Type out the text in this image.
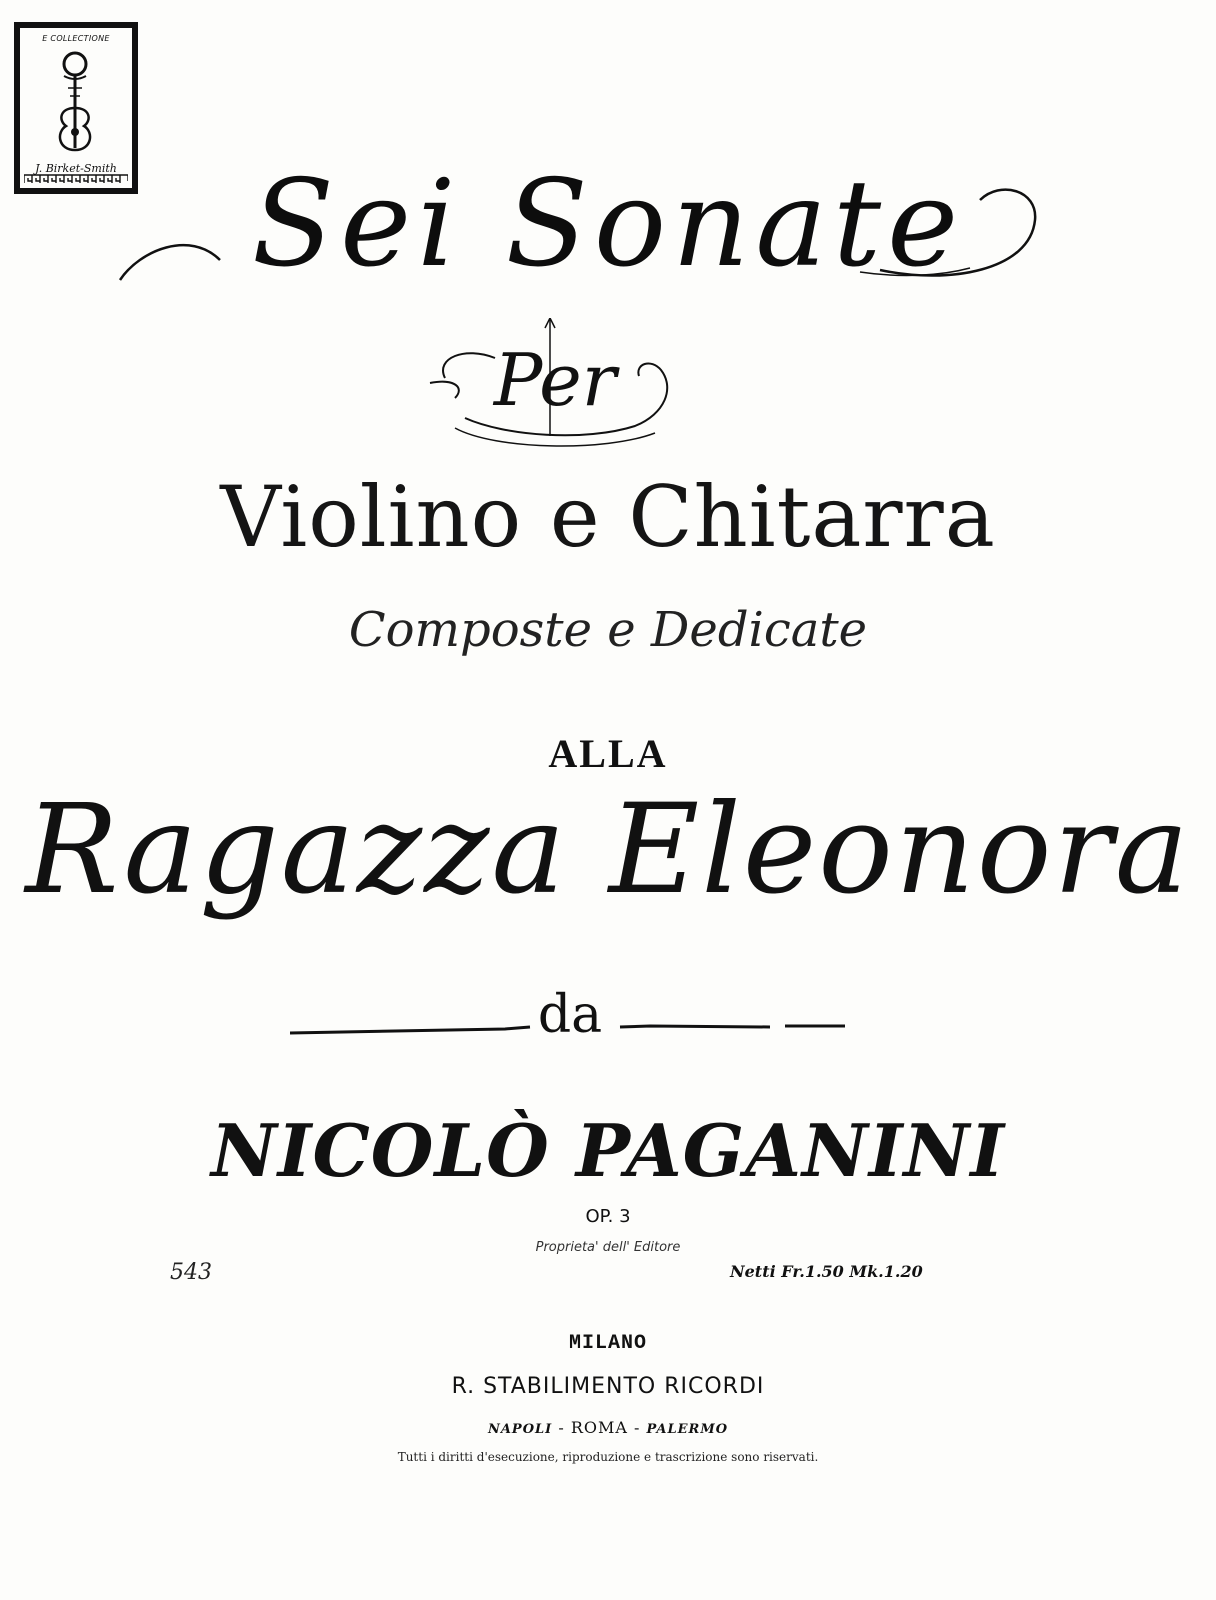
E COLLECTIONE
J. Birket-Smith	Sei Sonate
Per
Violino e Chitarra
Composte e Dedicate
ALLA
Ragazza Eleonora
da
NICOLÒ PAGANINI
OP. 3
Proprieta' dell' Editore
543	Netti Fr.1.50 Mk.1.20
MILANO
R. STABILIMENTO RICORDI
NAPOLI - ROMA - PALERMO
Tutti i diritti d'esecuzione, riproduzione e trascrizione sono riservati.
